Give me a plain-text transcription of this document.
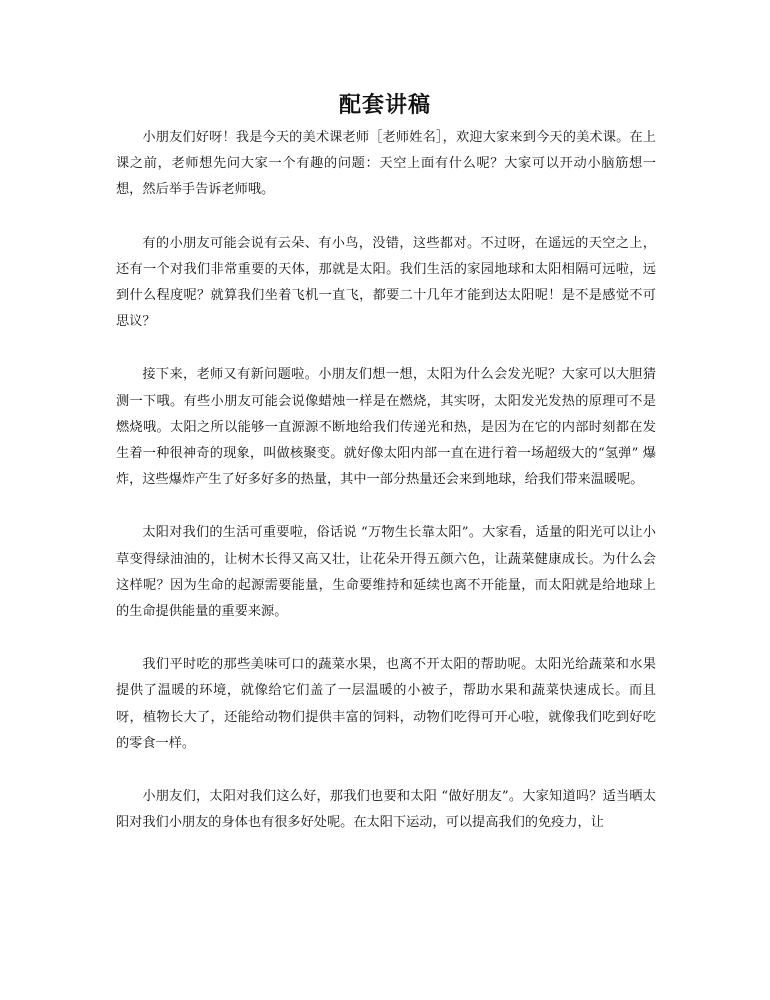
配套讲稿

小朋友们好呀！我是今天的美术课老师［老师姓名］，欢迎大家来到今天的美术课。在上课之前，老师想先问大家一个有趣的问题：天空上面有什么呢？大家可以开动小脑筋想一想，然后举手告诉老师哦。

有的小朋友可能会说有云朵、有小鸟，没错，这些都对。不过呀，在遥远的天空之上，还有一个对我们非常重要的天体，那就是太阳。我们生活的家园地球和太阳相隔可远啦，远到什么程度呢？就算我们坐着飞机一直飞，都要二十几年才能到达太阳呢！是不是感觉不可思议？

接下来，老师又有新问题啦。小朋友们想一想，太阳为什么会发光呢？大家可以大胆猜测一下哦。有些小朋友可能会说像蜡烛一样是在燃烧，其实呀，太阳发光发热的原理可不是燃烧哦。太阳之所以能够一直源源不断地给我们传递光和热，是因为在它的内部时刻都在发生着一种很神奇的现象，叫做核聚变。就好像太阳内部一直在进行着一场超级大的“氢弹” 爆炸，这些爆炸产生了好多好多的热量，其中一部分热量还会来到地球，给我们带来温暖呢。

太阳对我们的生活可重要啦，俗话说 “万物生长靠太阳”。大家看，适量的阳光可以让小草变得绿油油的，让树木长得又高又壮，让花朵开得五颜六色，让蔬菜健康成长。为什么会这样呢？因为生命的起源需要能量，生命要维持和延续也离不开能量，而太阳就是给地球上的生命提供能量的重要来源。

我们平时吃的那些美味可口的蔬菜水果，也离不开太阳的帮助呢。太阳光给蔬菜和水果提供了温暖的环境，就像给它们盖了一层温暖的小被子，帮助水果和蔬菜快速成长。而且呀，植物长大了，还能给动物们提供丰富的饲料，动物们吃得可开心啦，就像我们吃到好吃的零食一样。

小朋友们，太阳对我们这么好，那我们也要和太阳 “做好朋友”。大家知道吗？适当晒太阳对我们小朋友的身体也有很多好处呢。在太阳下运动，可以提高我们的免疫力，让
